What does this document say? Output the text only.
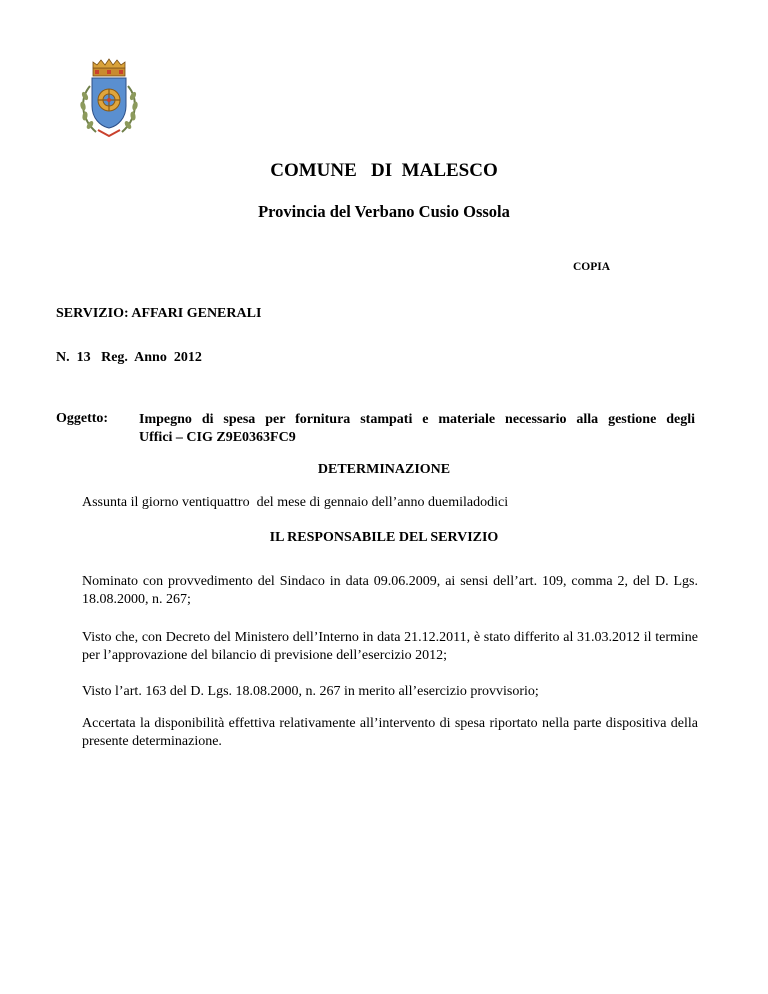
COMUNE   DI  MALESCO
Provincia del Verbano Cusio Ossola
COPIA
SERVIZIO: AFFARI GENERALI
N.  13   Reg.  Anno  2012
Oggetto: Impegno di spesa per fornitura stampati e materiale necessario alla gestione degli
Uffici – CIG Z9E0363FC9
DETERMINAZIONE
Assunta il giorno ventiquattro  del mese di gennaio dell’anno duemiladodici
IL RESPONSABILE DEL SERVIZIO
Nominato con provvedimento del Sindaco in data 09.06.2009, ai sensi dell’art. 109, comma 2, del D. Lgs. 18.08.2000, n. 267;
Visto che, con Decreto del Ministero dell’Interno in data 21.12.2011, è stato differito al 31.03.2012 il termine per l’approvazione del bilancio di previsione dell’esercizio 2012;
Visto l’art. 163 del D. Lgs. 18.08.2000, n. 267 in merito all’esercizio provvisorio;
Accertata la disponibilità effettiva relativamente all’intervento di spesa riportato nella parte dispositiva della presente determinazione.
